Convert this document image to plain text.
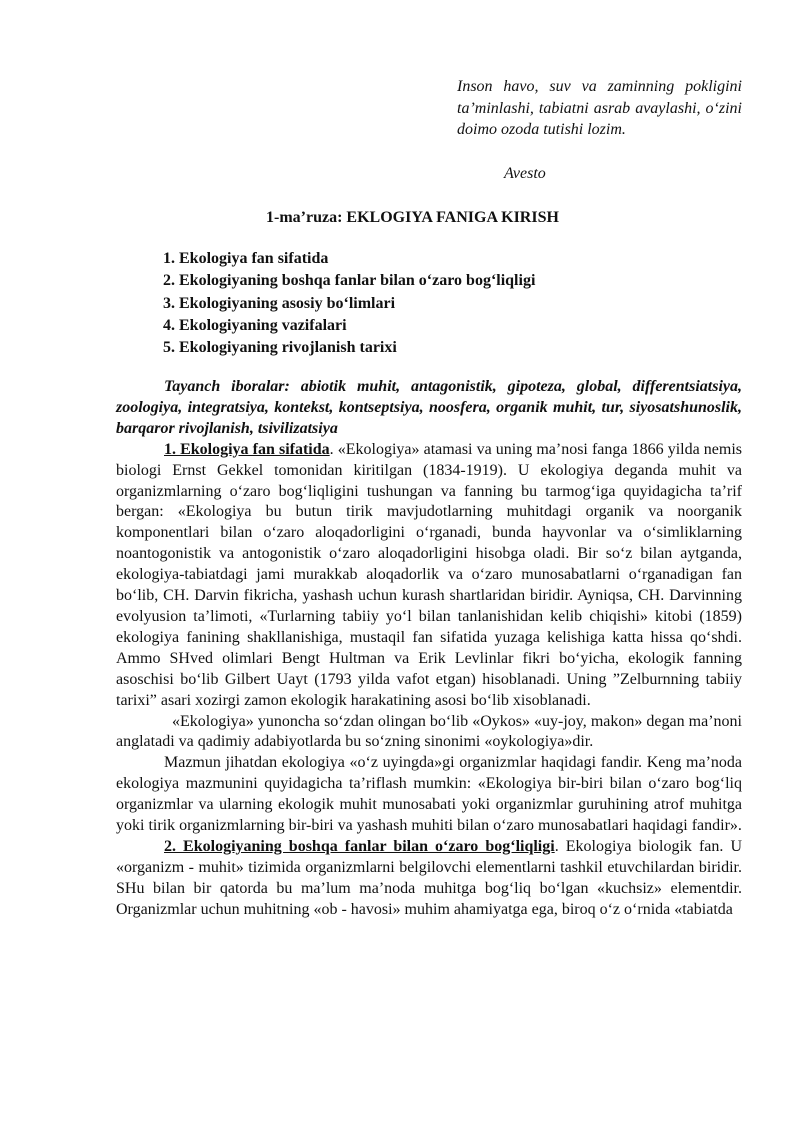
Inson havo, suv va zaminning pokligini ta’minlashi, tabiatni asrab avaylashi, o‘zini doimo ozoda tutishi lozim.
Avesto
1-ma’ruza: EKLOGIYA FANIGA KIRISH
1. Ekologiya fan sifatida
2. Ekologiyaning boshqa fanlar bilan o‘zaro bog‘liqligi
3. Ekologiyaning asosiy bo‘limlari
4. Ekologiyaning vazifalari
5. Ekologiyaning rivojlanish tarixi

Tayanch iboralar: abiotik muhit, antagonistik, gipoteza, global, differentsiatsiya, zoologiya, integratsiya, kontekst, kontseptsiya, noosfera, organik muhit, tur, siyosatshunoslik, barqaror rivojlanish, tsivilizatsiya

1. Ekologiya fan sifatida. «Ekologiya» atamasi va uning ma’nosi fanga 1866 yilda nemis biologi Ernst Gekkel tomonidan kiritilgan (1834-1919). U ekologiya deganda muhit va organizmlarning o‘zaro bog‘liqligini tushungan va fanning bu tarmog‘iga quyidagicha ta’rif bergan: «Ekologiya bu butun tirik mavjudotlarning muhitdagi organik va noorganik komponentlari bilan o‘zaro aloqadorligini o‘rganadi, bunda hayvonlar va o‘simliklarning noantogonistik va antogonistik o‘zaro aloqadorligini hisobga oladi. Bir so‘z bilan aytganda, ekologiya-tabiatdagi jami murakkab aloqadorlik va o‘zaro munosabatlarni o‘rganadigan fan bo‘lib, CH. Darvin fikricha, yashash uchun kurash shartlaridan biridir. Ayniqsa, CH. Darvinning evolyusion ta’limoti, «Turlarning tabiiy yo‘l bilan tanlanishidan kelib chiqishi» kitobi (1859) ekologiya fanining shakllanishiga, mustaqil fan sifatida yuzaga kelishiga katta hissa qo‘shdi. Ammo SHved olimlari Bengt Hultman va Erik Levlinlar fikri bo‘yicha, ekologik fanning asoschisi bo‘lib Gilbert Uayt (1793 yilda vafot etgan) hisoblanadi. Uning ”Zelburnning tabiiy tarixi” asari xozirgi zamon ekologik harakatining asosi bo‘lib xisoblanadi.

«Ekologiya» yunoncha so‘zdan olingan bo‘lib «Oykos» «uy-joy, makon» degan ma’noni anglatadi va qadimiy adabiyotlarda bu so‘zning sinonimi «oykologiya»dir.

Mazmun jihatdan ekologiya «o‘z uyingda»gi organizmlar haqidagi fandir. Keng ma’noda ekologiya mazmunini quyidagicha ta’riflash mumkin: «Ekologiya bir-biri bilan o‘zaro bog‘liq organizmlar va ularning ekologik muhit munosabati yoki organizmlar guruhining atrof muhitga yoki tirik organizmlarning bir-biri va yashash muhiti bilan o‘zaro munosabatlari haqidagi fandir».

2. Ekologiyaning boshqa fanlar bilan o‘zaro bog‘liqligi. Ekologiya biologik fan. U «organizm - muhit» tizimida organizmlarni belgilovchi elementlarni tashkil etuvchilardan biridir. SHu bilan bir qatorda bu ma’lum ma’noda muhitga bog‘liq bo‘lgan «kuchsiz» elementdir. Organizmlar uchun muhitning «ob - havosi» muhim ahamiyatga ega, biroq o‘z o‘rnida «tabiatda
